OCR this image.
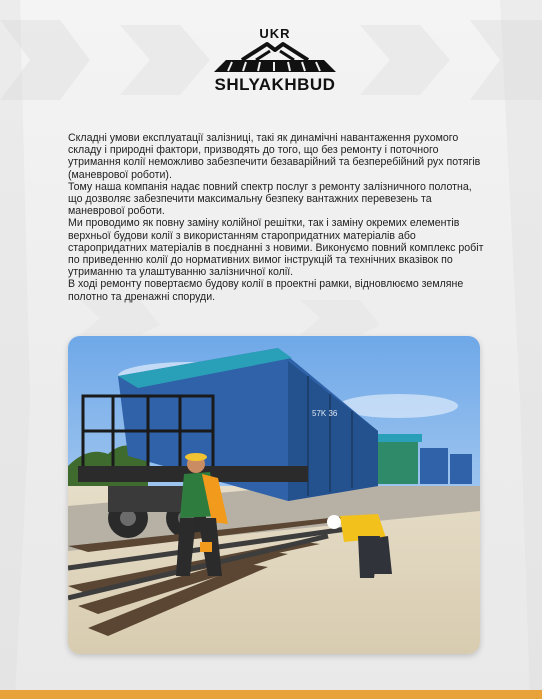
UKR
SHLYAKHBUD

Складні умови експлуатації залізниці, такі як динамічні навантаження рухомого складу і природні фактори, призводять до того, що без ремонту і поточного утримання колії неможливо забезпечити безаварійний та безперебійний рух потягів (маневрової роботи).

Тому наша компанія надає повний спектр послуг з ремонту залізничного полотна, що дозволяє забезпечити максимальну безпеку вантажних перевезень та маневрової роботи.

Ми проводимо як повну заміну колійної решітки, так і заміну окремих елементів верхньої будови колії з використанням старопридатних матеріалів або старопридатних матеріалів в поєднанні з новими. Виконуємо повний комплекс робіт по приведенню колії до нормативних вимог інструкцій та технічних вказівок по утриманню та улаштуванню залізничної колії.

В ході ремонту повертаємо будову колії в проектні рамки, відновлюємо земляне полотно та дренажні споруди.

57K 36
